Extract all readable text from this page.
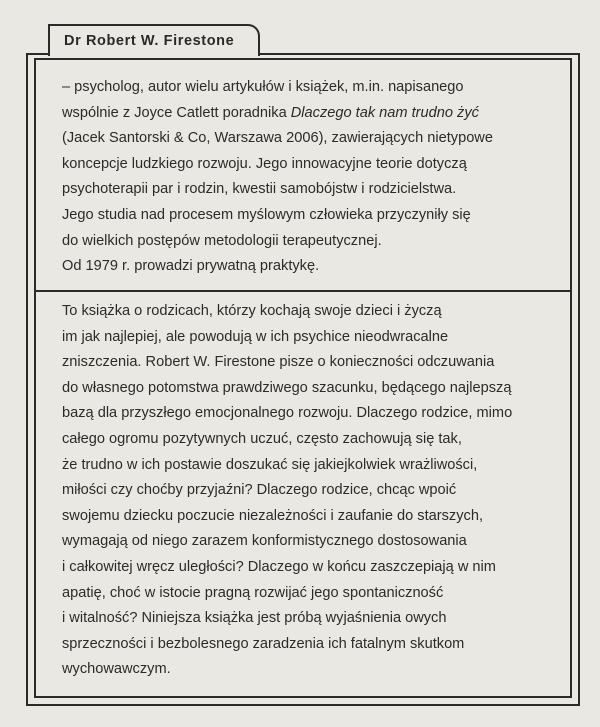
Dr Robert W. Firestone
– psycholog, autor wielu artykułów i książek, m.in. napisanego
wspólnie z Joyce Catlett poradnika Dlaczego tak nam trudno żyć
(Jacek Santorski & Co, Warszawa 2006), zawierających nietypowe
koncepcje ludzkiego rozwoju. Jego innowacyjne teorie dotyczą
psychoterapii par i rodzin, kwestii samobójstw i rodzicielstwa.
Jego studia nad procesem myślowym człowieka przyczyniły się
do wielkich postępów metodologii terapeutycznej.
Od 1979 r. prowadzi prywatną praktykę.
To książka o rodzicach, którzy kochają swoje dzieci i życzą
im jak najlepiej, ale powodują w ich psychice nieodwracalne
zniszczenia. Robert W. Firestone pisze o konieczności odczuwania
do własnego potomstwa prawdziwego szacunku, będącego najlepszą
bazą dla przyszłego emocjonalnego rozwoju. Dlaczego rodzice, mimo
całego ogromu pozytywnych uczuć, często zachowują się tak,
że trudno w ich postawie doszukać się jakiejkolwiek wrażliwości,
miłości czy choćby przyjaźni? Dlaczego rodzice, chcąc wpoić
swojemu dziecku poczucie niezależności i zaufanie do starszych,
wymagają od niego zarazem konformistycznego dostosowania
i całkowitej wręcz uległości? Dlaczego w końcu zaszczepiają w nim
apatię, choć w istocie pragną rozwijać jego spontaniczność
i witalność? Niniejsza książka jest próbą wyjaśnienia owych
sprzeczności i bezbolesnego zaradzenia ich fatalnym skutkom
wychowawczym.
